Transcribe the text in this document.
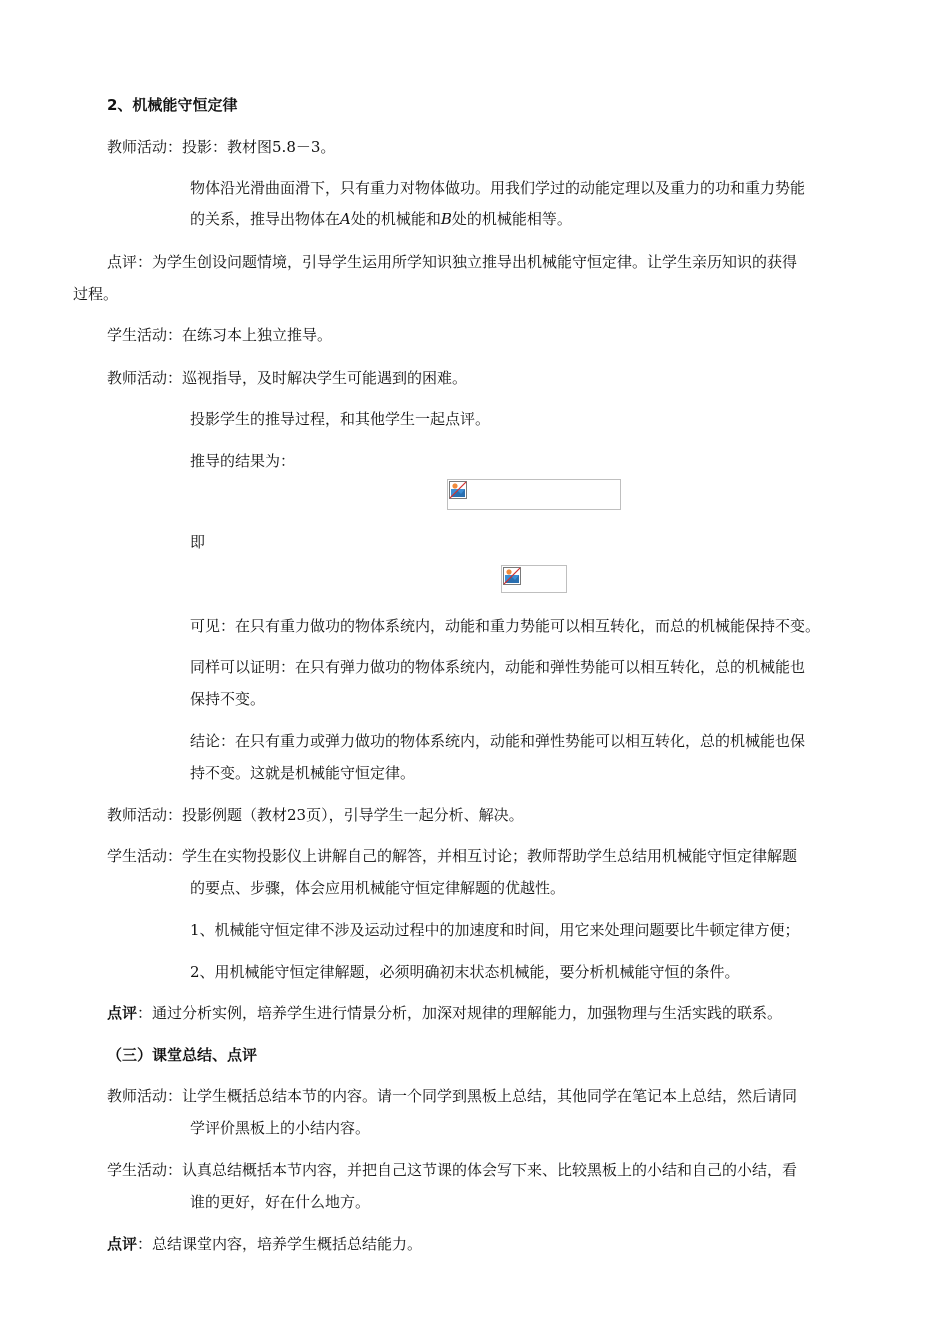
2、机械能守恒定律
教师活动：投影：教材图5.8－3。
物体沿光滑曲面滑下，只有重力对物体做功。用我们学过的动能定理以及重力的功和重力势能
的关系，推导出物体在A处的机械能和B处的机械能相等。
点评：为学生创设问题情境，引导学生运用所学知识独立推导出机械能守恒定律。让学生亲历知识的获得
过程。
学生活动：在练习本上独立推导。
教师活动：巡视指导，及时解决学生可能遇到的困难。
投影学生的推导过程，和其他学生一起点评。
推导的结果为：
即
可见：在只有重力做功的物体系统内，动能和重力势能可以相互转化，而总的机械能保持不变。
同样可以证明：在只有弹力做功的物体系统内，动能和弹性势能可以相互转化，总的机械能也
保持不变。
结论：在只有重力或弹力做功的物体系统内，动能和弹性势能可以相互转化，总的机械能也保
持不变。这就是机械能守恒定律。
教师活动：投影例题（教材23页），引导学生一起分析、解决。
学生活动：学生在实物投影仪上讲解自己的解答，并相互讨论；教师帮助学生总结用机械能守恒定律解题
的要点、步骤，体会应用机械能守恒定律解题的优越性。
1、机械能守恒定律不涉及运动过程中的加速度和时间，用它来处理问题要比牛顿定律方便；
2、用机械能守恒定律解题，必须明确初末状态机械能，要分析机械能守恒的条件。
点评：通过分析实例，培养学生进行情景分析，加深对规律的理解能力，加强物理与生活实践的联系。
（三）课堂总结、点评
教师活动：让学生概括总结本节的内容。请一个同学到黑板上总结，其他同学在笔记本上总结，然后请同
学评价黑板上的小结内容。
学生活动：认真总结概括本节内容，并把自己这节课的体会写下来、比较黑板上的小结和自己的小结，看
谁的更好，好在什么地方。
点评：总结课堂内容，培养学生概括总结能力。
